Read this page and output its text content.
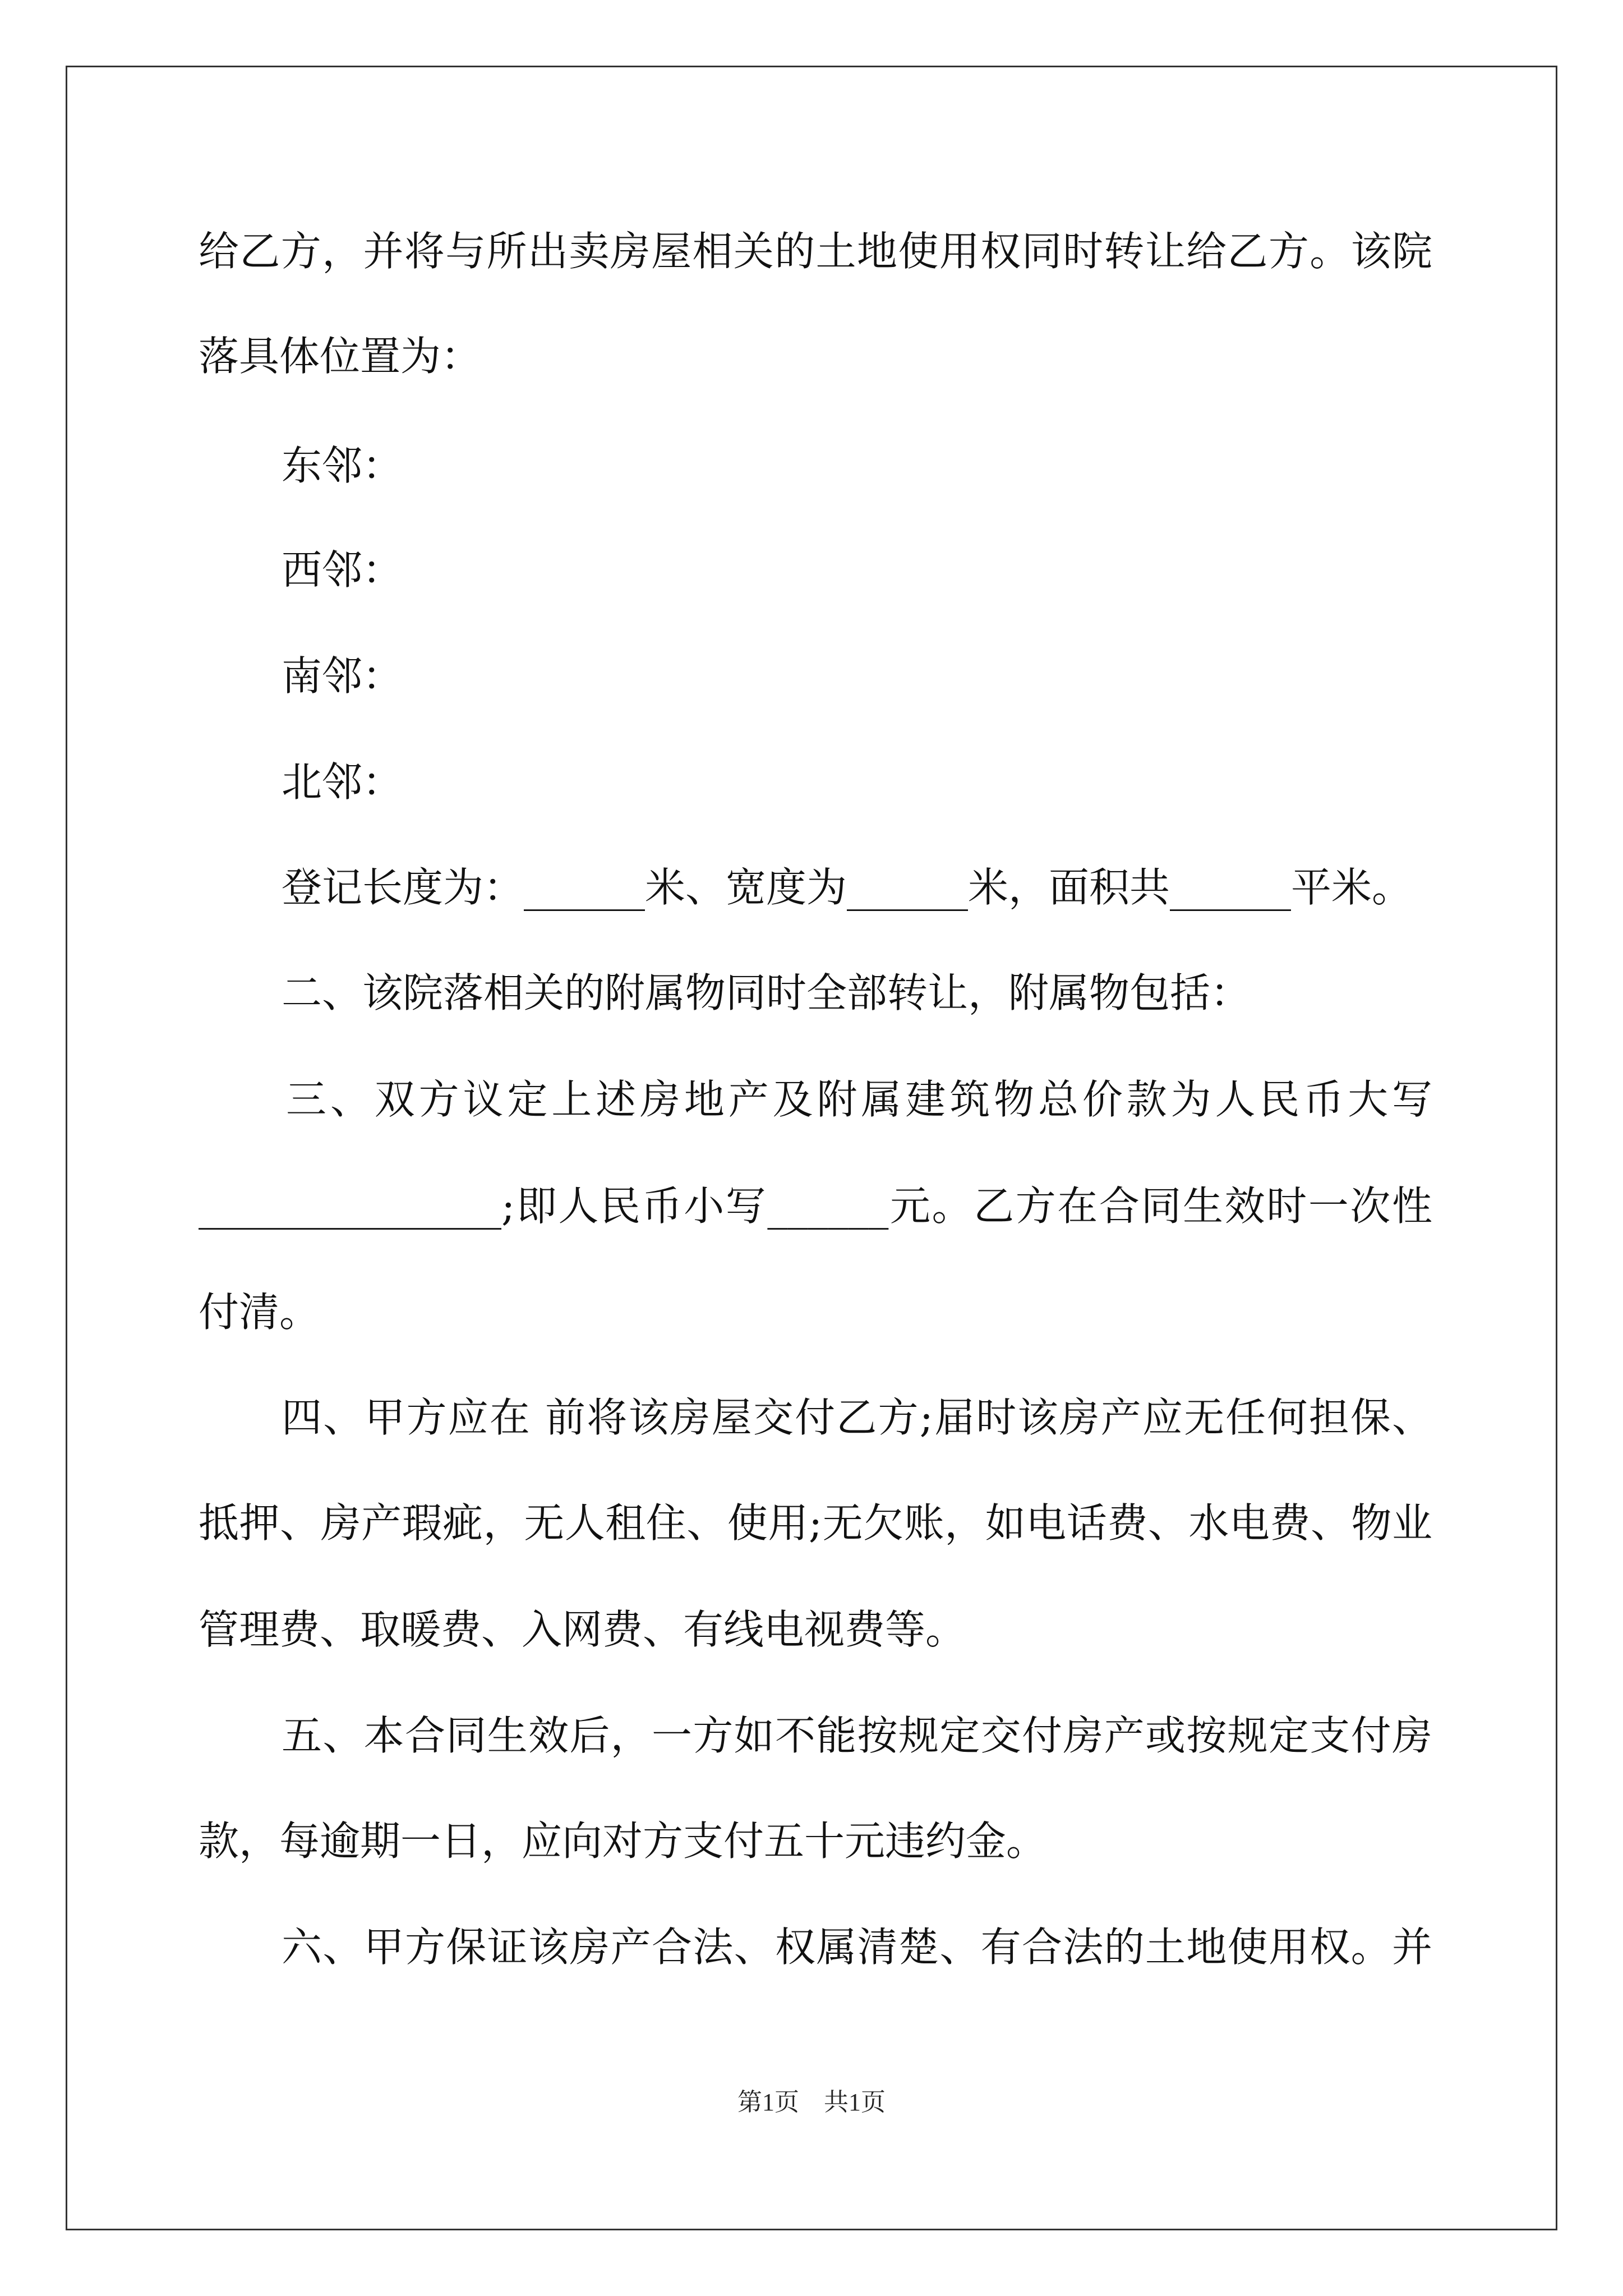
给乙方，并将与所出卖房屋相关的土地使用权同时转让给乙方。该院
落具体位置为：
东邻：
西邻：
南邻：
北邻：
登记长度为：______米、宽度为______米，面积共______平米。
二、该院落相关的附属物同时全部转让，附属物包括：
三、双方议定上述房地产及附属建筑物总价款为人民币大写
_______________;即人民币小写______元。乙方在合同生效时一次性
付清。
四、甲方应在 前将该房屋交付乙方;届时该房产应无任何担保、
抵押、房产瑕疵，无人租住、使用;无欠账，如电话费、水电费、物业
管理费、取暖费、入网费、有线电视费等。
五、本合同生效后，一方如不能按规定交付房产或按规定支付房
款，每逾期一日，应向对方支付五十元违约金。
六、甲方保证该房产合法、权属清楚、有合法的土地使用权。并
第1页 共1页
